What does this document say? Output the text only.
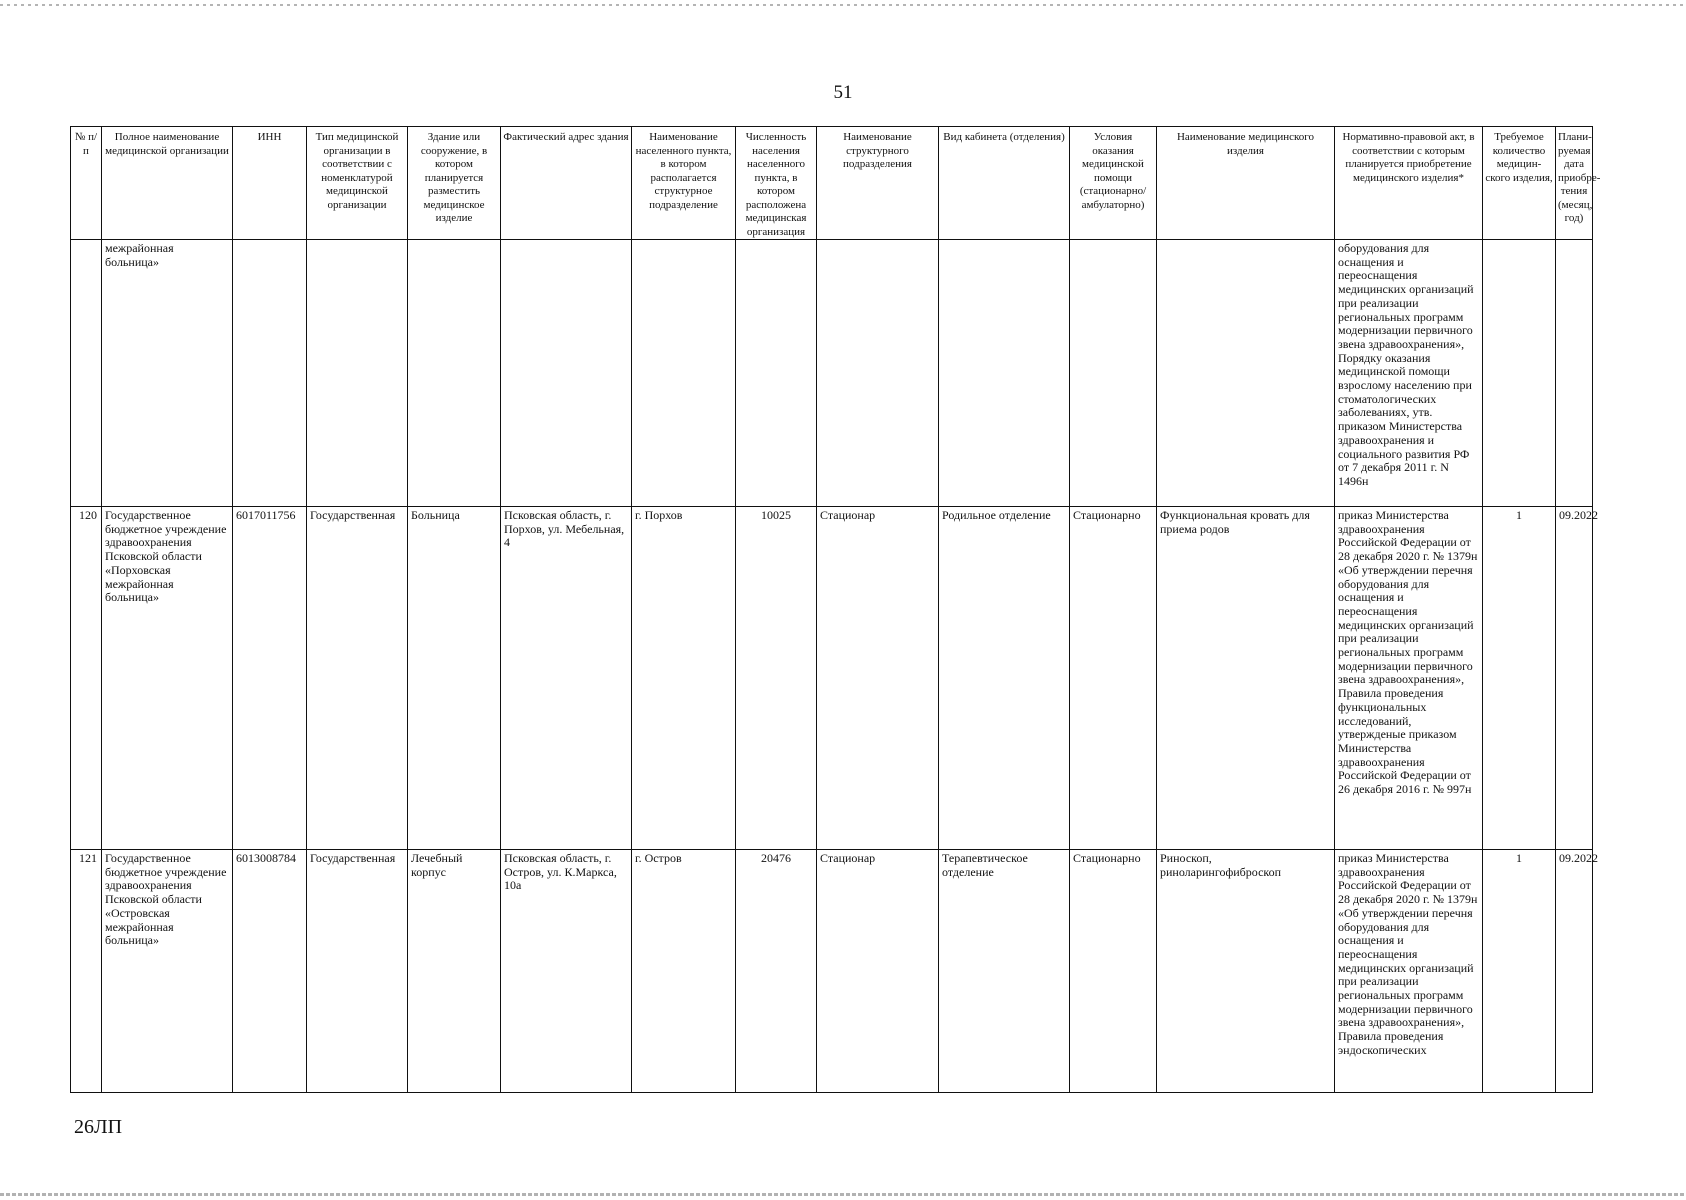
51
№ п/п	Полное наименование медицинской организации	ИНН	Тип медицинской организации в соответствии с номенклатурой медицинской организации	Здание или сооружение, в котором планируется разместить медицинское изделие	Фактический адрес здания	Наименование населенного пункта, в котором располагается структурное подразделение	Численность населения населенного пункта, в котором расположена медицинская организация	Наименование структурного подразделения	Вид кабинета (отделения)	Условия оказания медицинской помощи (стационарно/ амбулаторно)	Наименование медицинского изделия	Нормативно-правовой акт, в соответствии с которым планируется приобретение медицинского изделия*	Требуемое количество медицин-ского изделия,	Плани-руемая дата приобре-тения (месяц, год)
	межрайонная больница»											оборудования для оснащения и переоснащения медицинских организаций при реализации региональных программ модернизации первичного звена здравоохранения», Порядку оказания медицинской помощи взрослому населению при стоматологических заболеваниях, утв. приказом Министерства здравоохранения и социального развития РФ от 7 декабря 2011 г. N 1496н		
120	Государственное бюджетное учреждение здравоохранения Псковской области «Порховская межрайонная больница»	6017011756	Государственная	Больница	Псковская область, г. Порхов, ул. Мебельная, 4	г. Порхов	10025	Стационар	Родильное отделение	Стационарно	Функциональная кровать для приема родов	приказ Министерства здравоохранения Российской Федерации от 28 декабря 2020 г. № 1379н «Об утверждении перечня оборудования для оснащения и переоснащения медицинских организаций при реализации региональных программ модернизации первичного звена здравоохранения», Правила проведения функциональных исследований, утвержденые приказом Министерства здравоохранения Российской Федерации от 26 декабря 2016 г. № 997н	1	09.2022
121	Государственное бюджетное учреждение здравоохранения Псковской области «Островская межрайонная больница»	6013008784	Государственная	Лечебный корпус	Псковская область, г. Остров, ул. К.Маркса, 10а	г. Остров	20476	Стационар	Терапевтическое отделение	Стационарно	Риноскоп, риноларингофиброскоп	приказ Министерства здравоохранения Российской Федерации от 28 декабря 2020 г. № 1379н «Об утверждении перечня оборудования для оснащения и переоснащения медицинских организаций при реализации региональных программ модернизации первичного звена здравоохранения», Правила проведения эндоскопических	1	09.2022
26ЛП
